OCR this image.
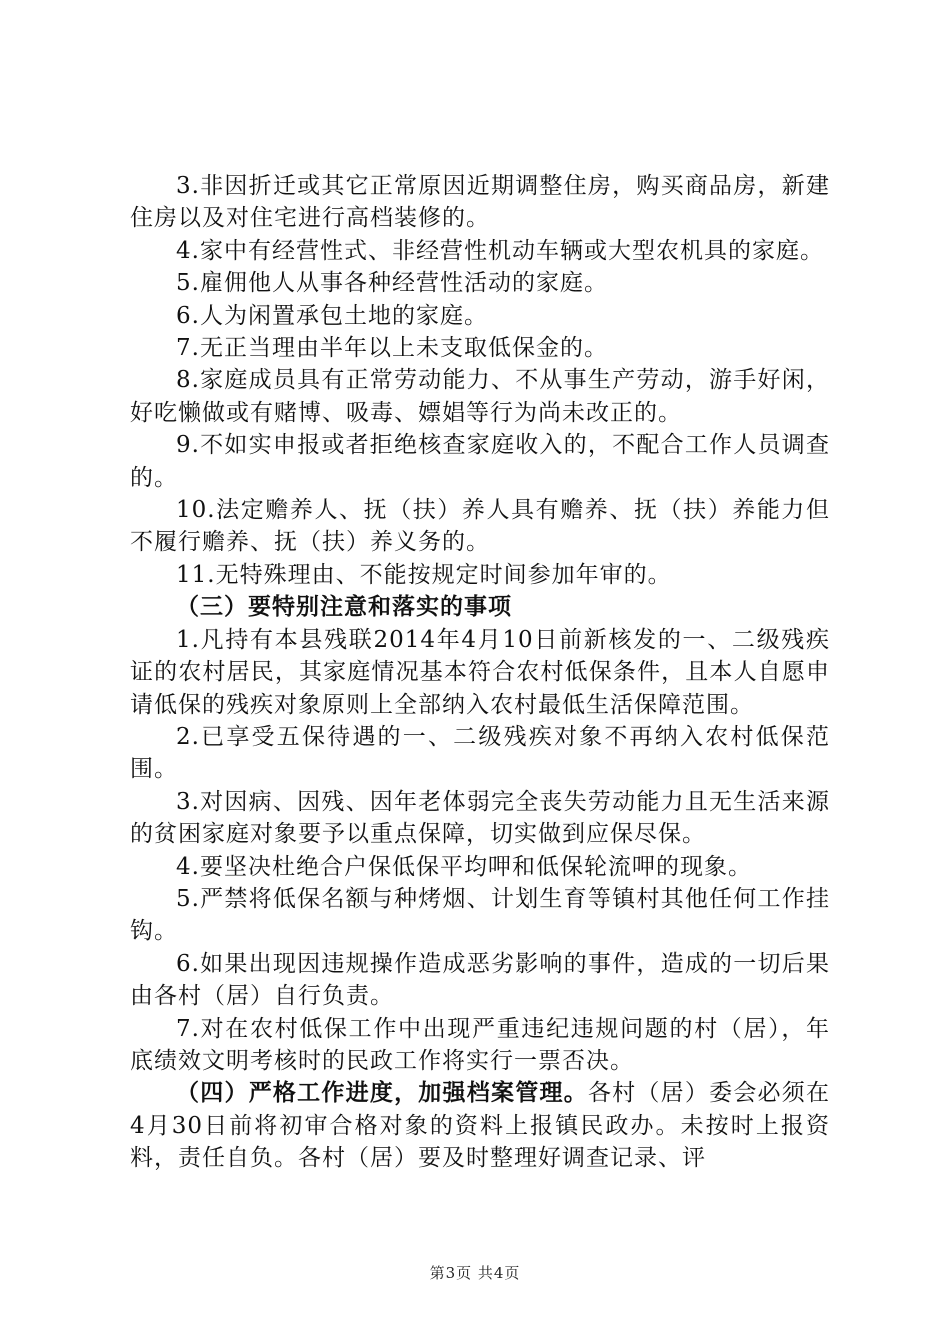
3.非因折迁或其它正常原因近期调整住房，购买商品房，新建住房以及对住宅进行高档装修的。

4.家中有经营性式、非经营性机动车辆或大型农机具的家庭。

5.雇佣他人从事各种经营性活动的家庭。

6.人为闲置承包土地的家庭。

7.无正当理由半年以上未支取低保金的。

8.家庭成员具有正常劳动能力、不从事生产劳动，游手好闲，好吃懒做或有赌博、吸毒、嫖娼等行为尚未改正的。

9.不如实申报或者拒绝核查家庭收入的，不配合工作人员调查的。

10.法定赡养人、抚（扶）养人具有赡养、抚（扶）养能力但不履行赡养、抚（扶）养义务的。

11.无特殊理由、不能按规定时间参加年审的。

（三）要特别注意和落实的事项

1.凡持有本县残联2014年4月10日前新核发的一、二级残疾证的农村居民，其家庭情况基本符合农村低保条件，且本人自愿申请低保的残疾对象原则上全部纳入农村最低生活保障范围。

2.已享受五保待遇的一、二级残疾对象不再纳入农村低保范围。

3.对因病、因残、因年老体弱完全丧失劳动能力且无生活来源的贫困家庭对象要予以重点保障，切实做到应保尽保。

4.要坚决杜绝合户保低保平均呷和低保轮流呷的现象。

5.严禁将低保名额与种烤烟、计划生育等镇村其他任何工作挂钩。

6.如果出现因违规操作造成恶劣影响的事件，造成的一切后果由各村（居）自行负责。

7.对在农村低保工作中出现严重违纪违规问题的村（居），年底绩效文明考核时的民政工作将实行一票否决。

（四）严格工作进度，加强档案管理。各村（居）委会必须在4月30日前将初审合格对象的资料上报镇民政办。未按时上报资料，责任自负。各村（居）要及时整理好调查记录、评

第3页 共4页
